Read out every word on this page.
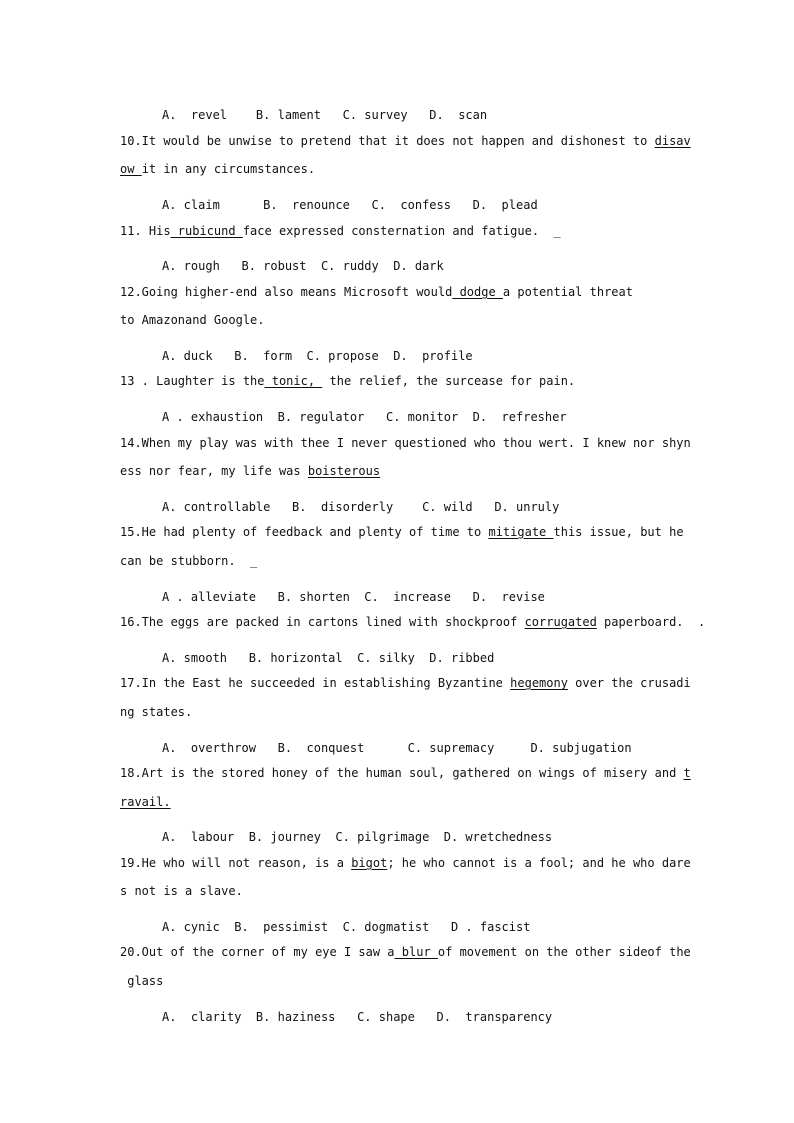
A.  revel    B. lament   C. survey   D.  scan
10.It would be unwise to pretend that it does not happen and dishonest to disav
ow it in any circumstances.
A. claim      B.  renounce   C.  confess   D.  plead
11. His rubicund face expressed consternation and fatigue.  _
A. rough   B. robust  C. ruddy  D. dark
12.Going higher-end also means Microsoft would dodge a potential threat
to Amazonand Google.
A. duck   B.  form  C. propose  D.  profile
13 . Laughter is the tonic,  the relief, the surcease for pain.
A . exhaustion  B. regulator   C. monitor  D.  refresher
14.When my play was with thee I never questioned who thou wert. I knew nor shyn
ess nor fear, my life was boisterous
A. controllable   B.  disorderly    C. wild   D. unruly
15.He had plenty of feedback and plenty of time to mitigate this issue, but he
can be stubborn.  _
A . alleviate   B. shorten  C.  increase   D.  revise
16.The eggs are packed in cartons lined with shockproof corrugated paperboard.  .
A. smooth   B. horizontal  C. silky  D. ribbed
17.In the East he succeeded in establishing Byzantine hegemony over the crusadi
ng states.
A.  overthrow   B.  conquest      C. supremacy     D. subjugation
18.Art is the stored honey of the human soul, gathered on wings of misery and t
ravail.
A.  labour  B. journey  C. pilgrimage  D. wretchedness
19.He who will not reason, is a bigot; he who cannot is a fool; and he who dare
s not is a slave.
A. cynic  B.  pessimist  C. dogmatist   D . fascist
20.Out of the corner of my eye I saw a blur of movement on the other sideof the
glass
A.  clarity  B. haziness   C. shape   D.  transparency
